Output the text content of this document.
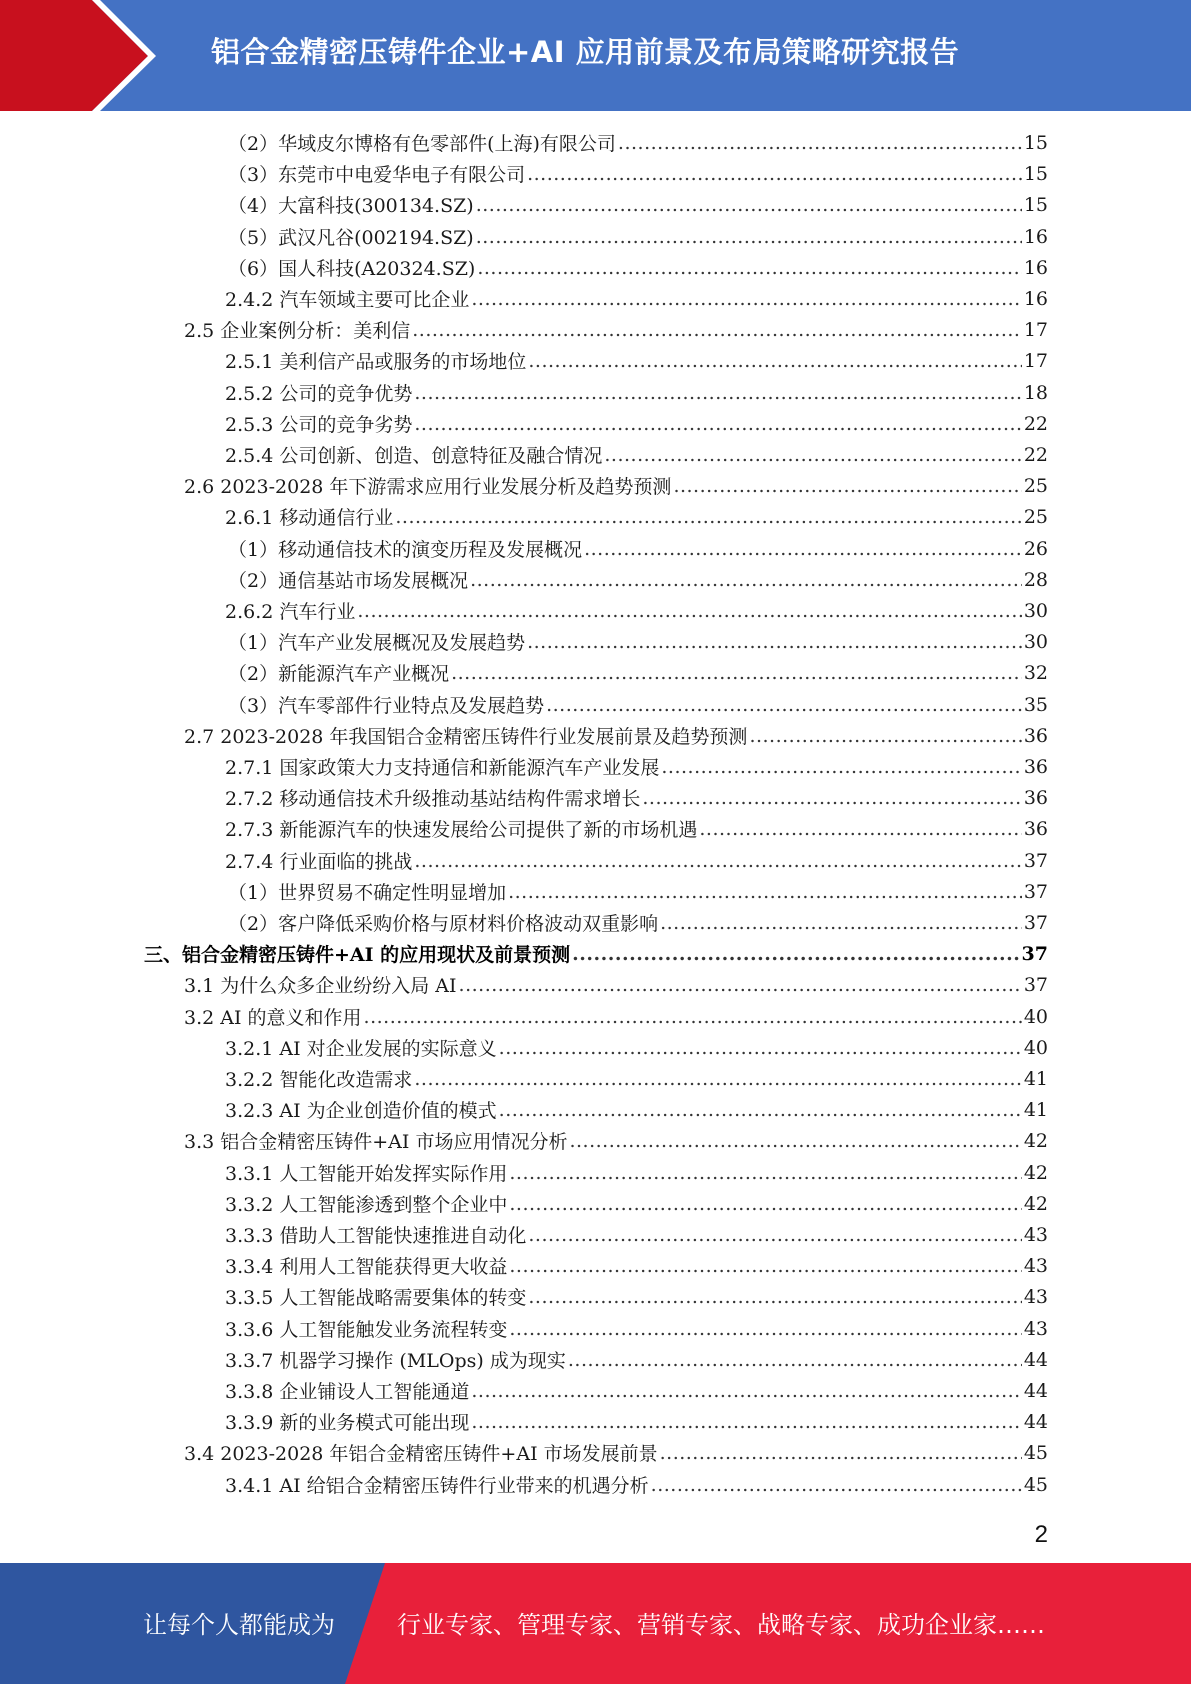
铝合金精密压铸件企业+AI 应用前景及布局策略研究报告
（2）华域皮尔博格有色零部件(上海)有限公司 .....	15
（3）东莞市中电爱华电子有限公司 .....	15
（4）大富科技(300134.SZ) .....	15
（5）武汉凡谷(002194.SZ) .....	16
（6）国人科技(A20324.SZ) .....	16
2.4.2 汽车领域主要可比企业 .....	16
2.5 企业案例分析：美利信 .....	17
2.5.1 美利信产品或服务的市场地位 .....	17
2.5.2 公司的竞争优势 .....	18
2.5.3 公司的竞争劣势 .....	22
2.5.4 公司创新、创造、创意特征及融合情况 .....	22
2.6 2023-2028 年下游需求应用行业发展分析及趋势预测 .....	25
2.6.1 移动通信行业 .....	25
（1）移动通信技术的演变历程及发展概况 .....	26
（2）通信基站市场发展概况 .....	28
2.6.2 汽车行业 .....	30
（1）汽车产业发展概况及发展趋势 .....	30
（2）新能源汽车产业概况 .....	32
（3）汽车零部件行业特点及发展趋势 .....	35
2.7 2023-2028 年我国铝合金精密压铸件行业发展前景及趋势预测 .....	36
2.7.1 国家政策大力支持通信和新能源汽车产业发展 .....	36
2.7.2 移动通信技术升级推动基站结构件需求增长 .....	36
2.7.3 新能源汽车的快速发展给公司提供了新的市场机遇 .....	36
2.7.4 行业面临的挑战 .....	37
（1）世界贸易不确定性明显增加 .....	37
（2）客户降低采购价格与原材料价格波动双重影响 .....	37
三、铝合金精密压铸件+AI 的应用现状及前景预测 .....	37
3.1 为什么众多企业纷纷入局 AI .....	37
3.2 AI 的意义和作用 .....	40
3.2.1 AI 对企业发展的实际意义 .....	40
3.2.2 智能化改造需求 .....	41
3.2.3 AI 为企业创造价值的模式 .....	41
3.3 铝合金精密压铸件+AI 市场应用情况分析 .....	42
3.3.1 人工智能开始发挥实际作用 .....	42
3.3.2 人工智能渗透到整个企业中 .....	42
3.3.3 借助人工智能快速推进自动化 .....	43
3.3.4 利用人工智能获得更大收益 .....	43
3.3.5 人工智能战略需要集体的转变 .....	43
3.3.6 人工智能触发业务流程转变 .....	43
3.3.7 机器学习操作 (MLOps) 成为现实 .....	44
3.3.8 企业铺设人工智能通道 .....	44
3.3.9 新的业务模式可能出现 .....	44
3.4 2023-2028 年铝合金精密压铸件+AI 市场发展前景 .....	45
3.4.1 AI 给铝合金精密压铸件行业带来的机遇分析 .....	45
2
让每个人都能成为	行业专家、管理专家、营销专家、战略专家、成功企业家……
